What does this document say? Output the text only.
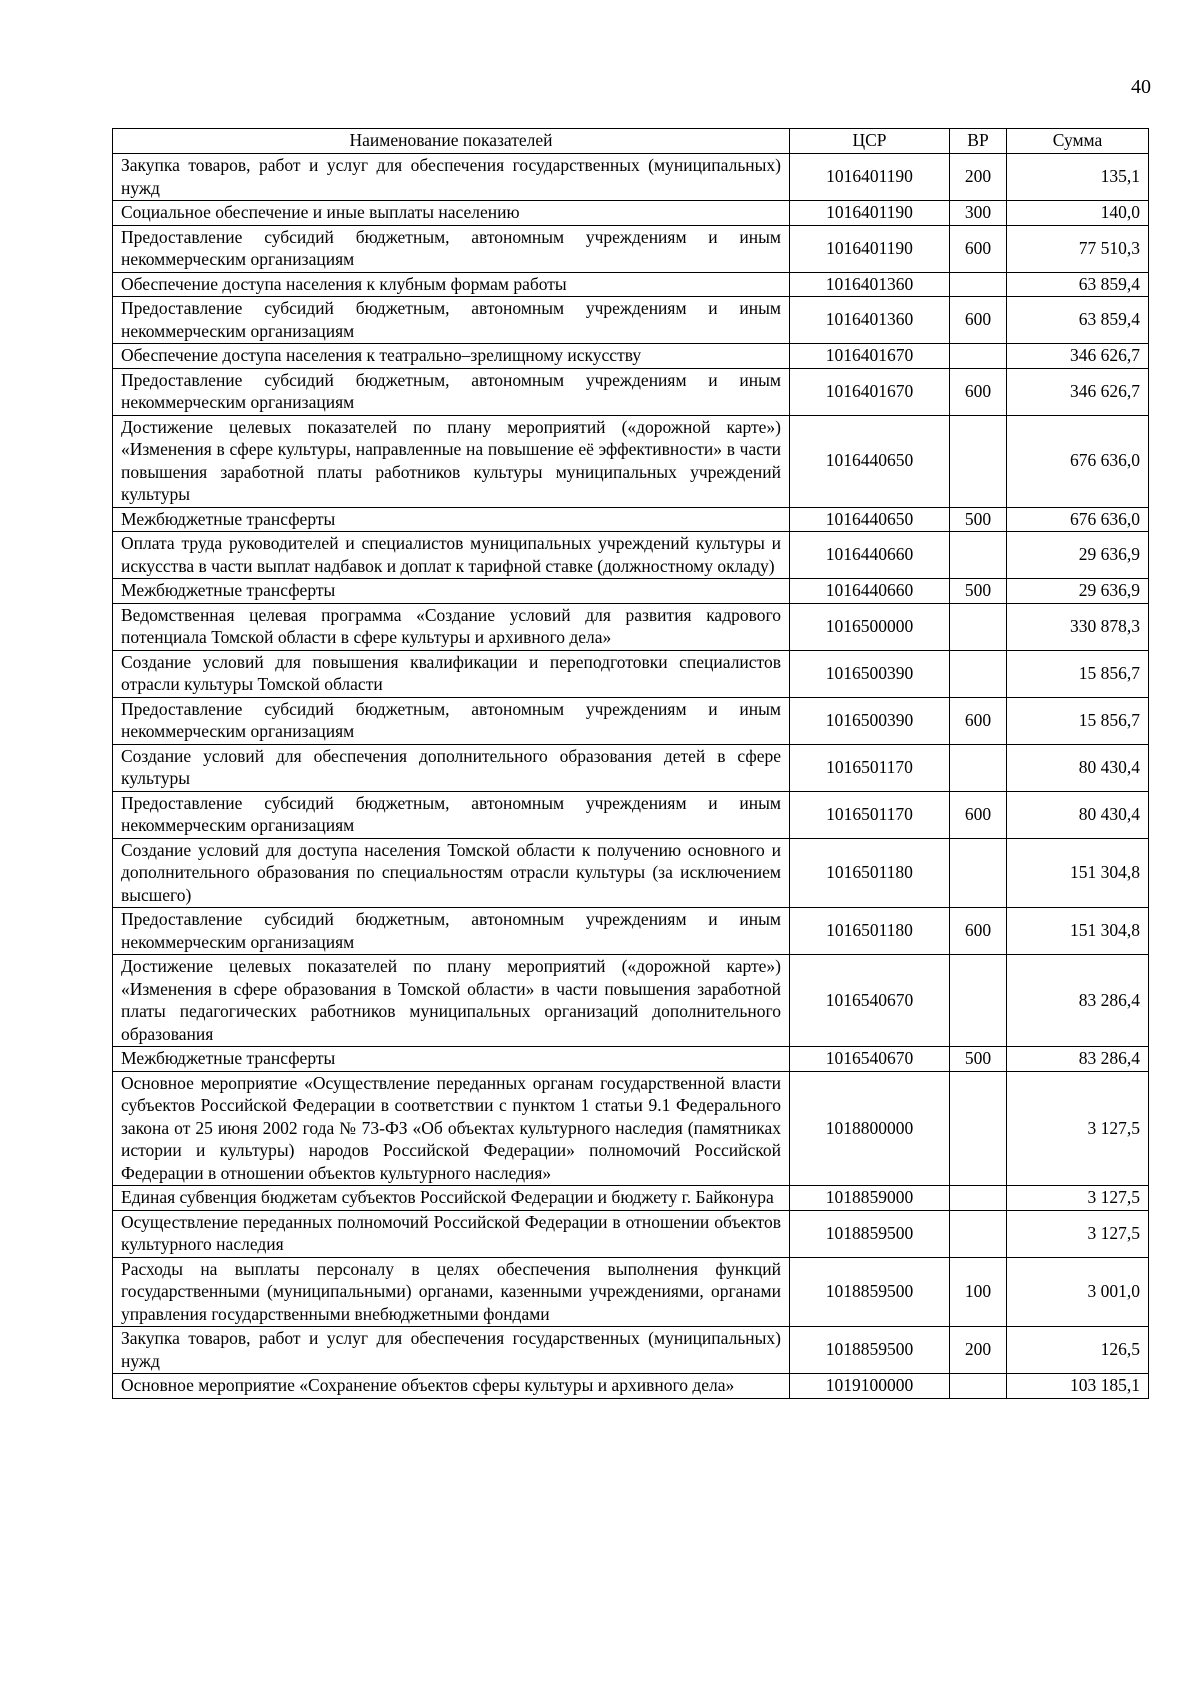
40
Наименование показателей	ЦСР	ВР	Сумма
Закупка товаров, работ и услуг для обеспечения государственных (муниципальных) нужд	1016401190	200	135,1
Социальное обеспечение и иные выплаты населению	1016401190	300	140,0
Предоставление субсидий бюджетным, автономным учреждениям и иным некоммерческим организациям	1016401190	600	77 510,3
Обеспечение доступа населения к клубным формам работы	1016401360		63 859,4
Предоставление субсидий бюджетным, автономным учреждениям и иным некоммерческим организациям	1016401360	600	63 859,4
Обеспечение доступа населения к театрально–зрелищному искусству	1016401670		346 626,7
Предоставление субсидий бюджетным, автономным учреждениям и иным некоммерческим организациям	1016401670	600	346 626,7
Достижение целевых показателей по плану мероприятий («дорожной карте») «Изменения в сфере культуры, направленные на повышение её эффективности» в части повышения заработной платы работников культуры муниципальных учреждений культуры	1016440650		676 636,0
Межбюджетные трансферты	1016440650	500	676 636,0
Оплата труда руководителей и специалистов муниципальных учреждений культуры и искусства в части выплат надбавок и доплат к тарифной ставке (должностному окладу)	1016440660		29 636,9
Межбюджетные трансферты	1016440660	500	29 636,9
Ведомственная целевая программа «Создание условий для развития кадрового потенциала Томской области в сфере культуры и архивного дела»	1016500000		330 878,3
Создание условий для повышения квалификации и переподготовки специалистов отрасли культуры Томской области	1016500390		15 856,7
Предоставление субсидий бюджетным, автономным учреждениям и иным некоммерческим организациям	1016500390	600	15 856,7
Создание условий для обеспечения дополнительного образования детей в сфере культуры	1016501170		80 430,4
Предоставление субсидий бюджетным, автономным учреждениям и иным некоммерческим организациям	1016501170	600	80 430,4
Создание условий для доступа населения Томской области к получению основного и дополнительного образования по специальностям отрасли культуры (за исключением высшего)	1016501180		151 304,8
Предоставление субсидий бюджетным, автономным учреждениям и иным некоммерческим организациям	1016501180	600	151 304,8
Достижение целевых показателей по плану мероприятий («дорожной карте») «Изменения в сфере образования в Томской области» в части повышения заработной платы педагогических работников муниципальных организаций дополнительного образования	1016540670		83 286,4
Межбюджетные трансферты	1016540670	500	83 286,4
Основное мероприятие «Осуществление переданных органам государственной власти субъектов Российской Федерации в соответствии с пунктом 1 статьи 9.1 Федерального закона от 25 июня 2002 года № 73-ФЗ «Об объектах культурного наследия (памятниках истории и культуры) народов Российской Федерации» полномочий Российской Федерации в отношении объектов культурного наследия»	1018800000		3 127,5
Единая субвенция бюджетам субъектов Российской Федерации и бюджету г. Байконура	1018859000		3 127,5
Осуществление переданных полномочий Российской Федерации в отношении объектов культурного наследия	1018859500		3 127,5
Расходы на выплаты персоналу в целях обеспечения выполнения функций государственными (муниципальными) органами, казенными учреждениями, органами управления государственными внебюджетными фондами	1018859500	100	3 001,0
Закупка товаров, работ и услуг для обеспечения государственных (муниципальных) нужд	1018859500	200	126,5
Основное мероприятие «Сохранение объектов сферы культуры и архивного дела»	1019100000		103 185,1
